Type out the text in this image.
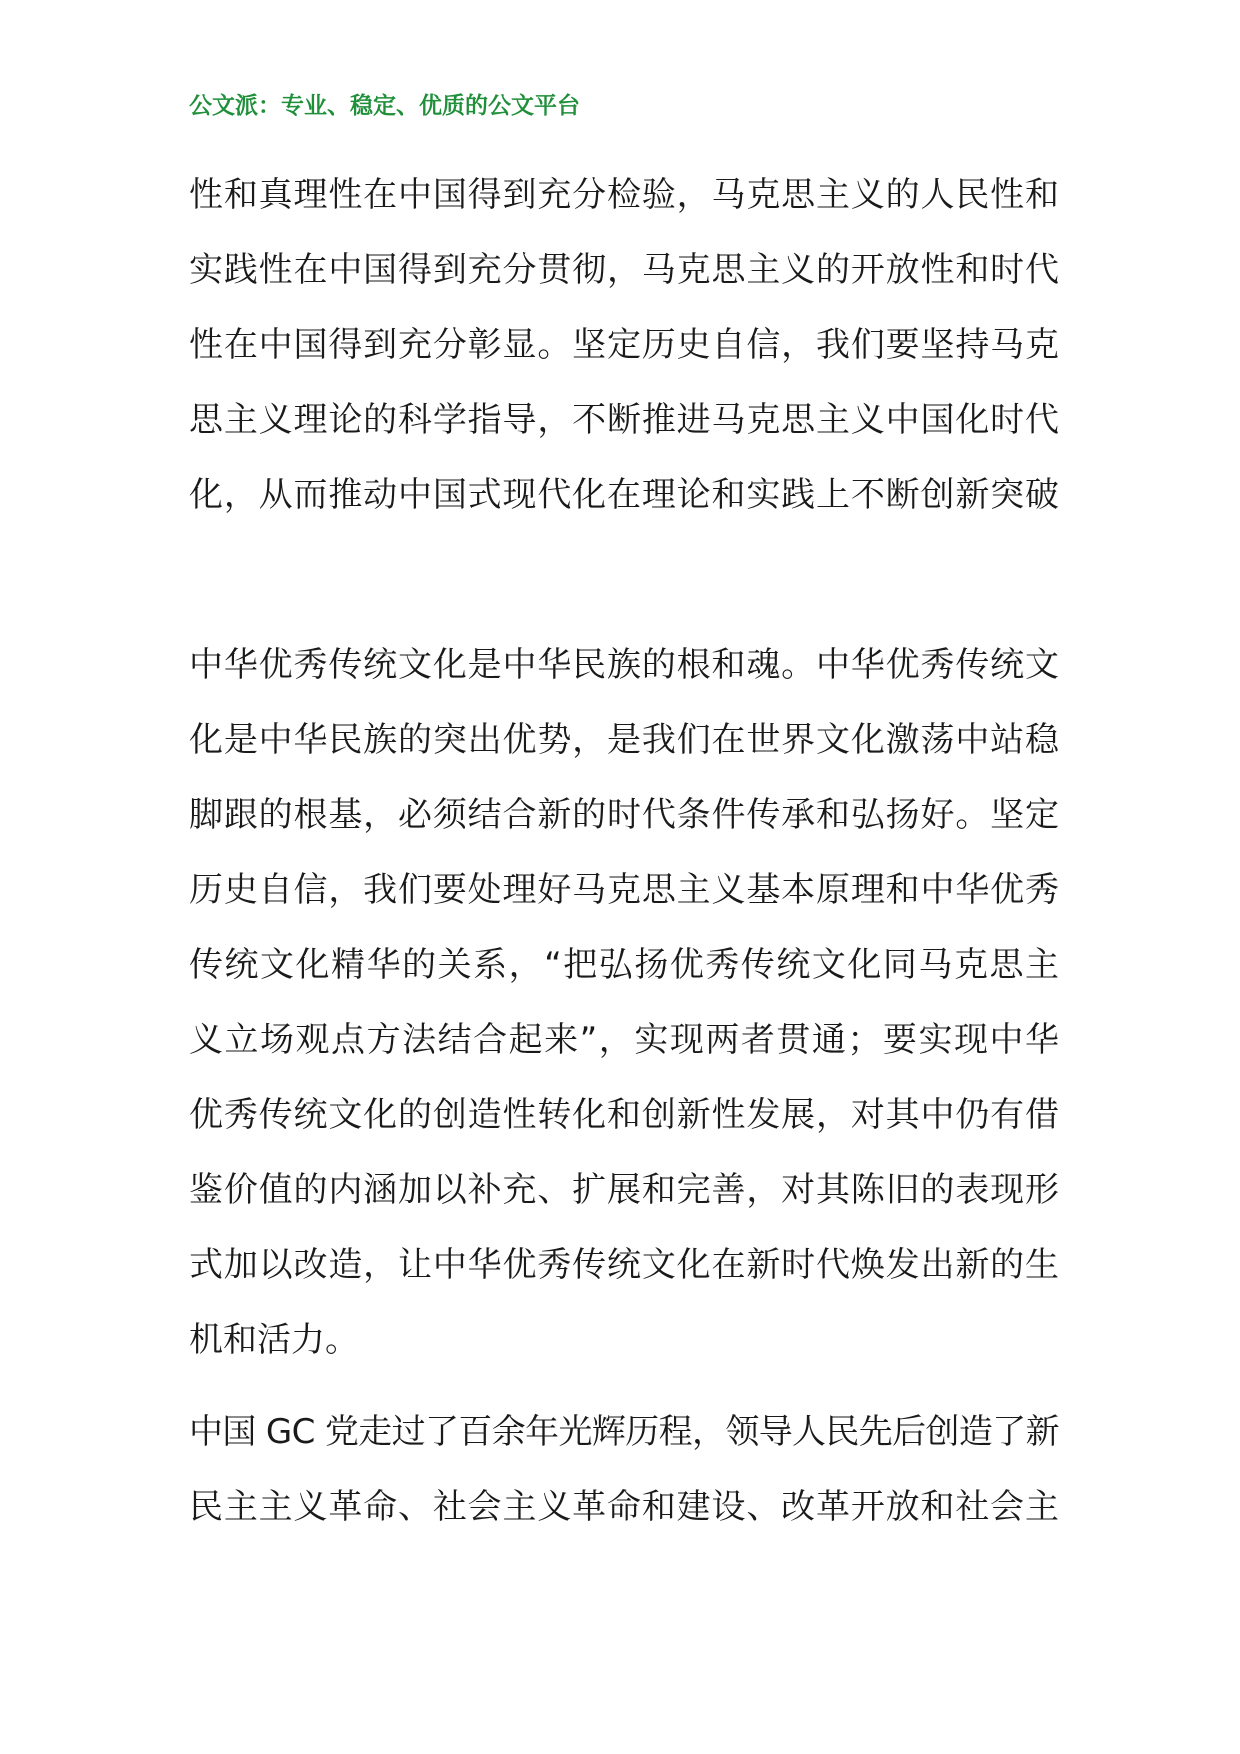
公文派：专业、稳定、优质的公文平台
性和真理性在中国得到充分检验，马克思主义的人民性和
实践性在中国得到充分贯彻，马克思主义的开放性和时代
性在中国得到充分彰显。坚定历史自信，我们要坚持马克
思主义理论的科学指导，不断推进马克思主义中国化时代
化，从而推动中国式现代化在理论和实践上不断创新突破
中华优秀传统文化是中华民族的根和魂。中华优秀传统文
化是中华民族的突出优势，是我们在世界文化激荡中站稳
脚跟的根基，必须结合新的时代条件传承和弘扬好。坚定
历史自信，我们要处理好马克思主义基本原理和中华优秀
传统文化精华的关系，“把弘扬优秀传统文化同马克思主
义立场观点方法结合起来”，实现两者贯通；要实现中华
优秀传统文化的创造性转化和创新性发展，对其中仍有借
鉴价值的内涵加以补充、扩展和完善，对其陈旧的表现形
式加以改造，让中华优秀传统文化在新时代焕发出新的生
机和活力。
中国 GC 党走过了百余年光辉历程，领导人民先后创造了新
民主主义革命、社会主义革命和建设、改革开放和社会主
